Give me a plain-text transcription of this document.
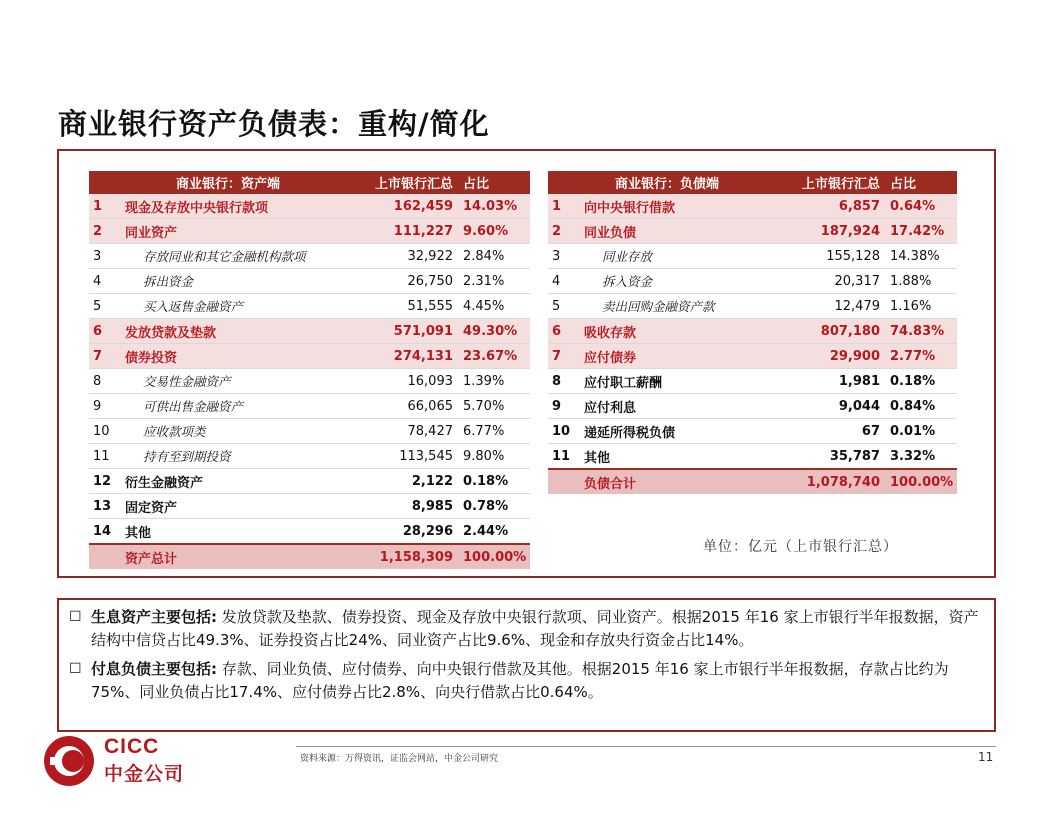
商业银行资产负债表：重构/简化
商业银行：资产端		上市银行汇总	占比
1	现金及存放中央银行款项	162,459	14.03%
2	同业资产	111,227	9.60%
3	存放同业和其它金融机构款项	32,922	2.84%
4	拆出资金	26,750	2.31%
5	买入返售金融资产	51,555	4.45%
6	发放贷款及垫款	571,091	49.30%
7	债券投资	274,131	23.67%
8	交易性金融资产	16,093	1.39%
9	可供出售金融资产	66,065	5.70%
10	应收款项类	78,427	6.77%
11	持有至到期投资	113,545	9.80%
12	衍生金融资产	2,122	0.18%
13	固定资产	8,985	0.78%
14	其他	28,296	2.44%
	资产总计	1,158,309	100.00%
商业银行：负债端		上市银行汇总	占比
1	向中央银行借款	6,857	0.64%
2	同业负债	187,924	17.42%
3	同业存放	155,128	14.38%
4	拆入资金	20,317	1.88%
5	卖出回购金融资产款	12,479	1.16%
6	吸收存款	807,180	74.83%
7	应付债券	29,900	2.77%
8	应付职工薪酬	1,981	0.18%
9	应付利息	9,044	0.84%
10	递延所得税负债	67	0.01%
11	其他	35,787	3.32%
	负债合计	1,078,740	100.00%
单位：亿元（上市银行汇总）
☐ 生息资产主要包括: 发放贷款及垫款、债券投资、现金及存放中央银行款项、同业资产。根据2015 年16 家上市银行半年报数据，资产结构中信贷占比49.3%、证券投资占比24%、同业资产占比9.6%、现金和存放央行资金占比14%。
☐ 付息负债主要包括: 存款、同业负债、应付债券、向中央银行借款及其他。根据2015 年16 家上市银行半年报数据，存款占比约为75%、同业负债占比17.4%、应付债券占比2.8%、向央行借款占比0.64%。
CICC
中金公司
资料来源：万得资讯，证监会网站，中金公司研究	11
